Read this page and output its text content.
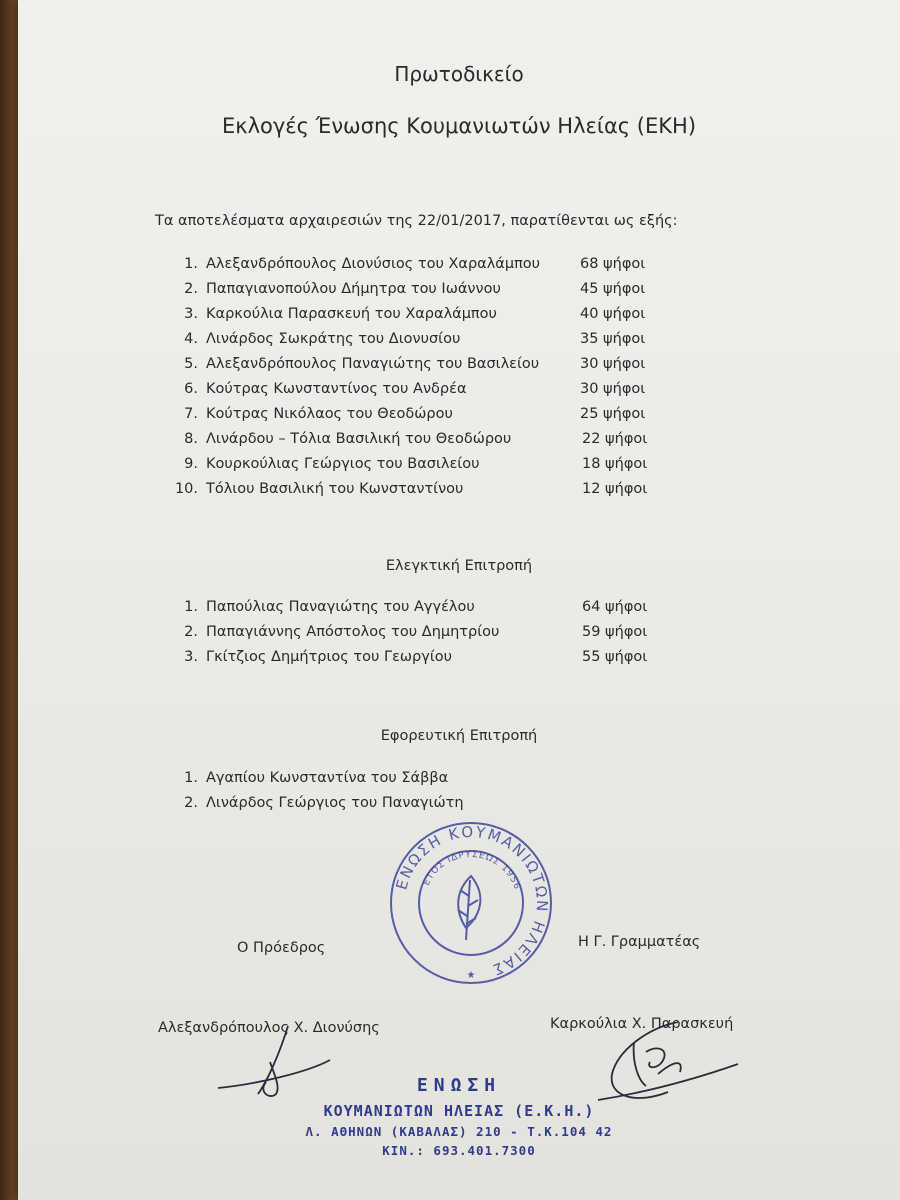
Πρωτοδικείο
Εκλογές Ένωσης Κουμανιωτών Ηλείας (ΕΚΗ)
Τα αποτελέσματα αρχαιρεσιών της 22/01/2017, παρατίθενται ως εξής:
1. Αλεξανδρόπουλος Διονύσιος του Χαραλάμπου	68 ψήφοι
2. Παπαγιανοπούλου Δήμητρα του Ιωάννου	45 ψήφοι
3. Καρκούλια Παρασκευή του Χαραλάμπου	40 ψήφοι
4. Λινάρδος Σωκράτης του Διονυσίου	35 ψήφοι
5. Αλεξανδρόπουλος Παναγιώτης του Βασιλείου	30 ψήφοι
6. Κούτρας Κωνσταντίνος του Ανδρέα	30 ψήφοι
7. Κούτρας Νικόλαος του Θεοδώρου	25 ψήφοι
8. Λινάρδου – Τόλια Βασιλική του Θεοδώρου	22 ψήφοι
9. Κουρκούλιας Γεώργιος του Βασιλείου	18 ψήφοι
10. Τόλιου Βασιλική του Κωνσταντίνου	12 ψήφοι
Ελεγκτική Επιτροπή
1. Παπούλιας Παναγιώτης του Αγγέλου	64 ψήφοι
2. Παπαγιάννης Απόστολος του Δημητρίου	59 ψήφοι
3. Γκίτζιος Δημήτριος του Γεωργίου	55 ψήφοι
Εφορευτική Επιτροπή
1. Αγαπίου Κωνσταντίνα του Σάββα
2. Λινάρδος Γεώργιος του Παναγιώτη
ΕΝΩΣΗ ΚΟΥΜΑΝΙΩΤΩΝ ΗΛΕΙΑΣ
ΕΤΟΣ ΙΔΡΥΣΕΩΣ 1956
★
Ο Πρόεδρος	Η Γ. Γραμματέας
Αλεξανδρόπουλος Χ. Διονύσης	Καρκούλια Χ. Παρασκευή
ΕΝΩΣΗ
ΚΟΥΜΑΝΙΩΤΩΝ ΗΛΕΙΑΣ (Ε.Κ.Η.)
Λ. ΑΘΗΝΩΝ (ΚΑΒΑΛΑΣ) 210 - Τ.Κ.104 42
ΚΙΝ.: 693.401.7300
